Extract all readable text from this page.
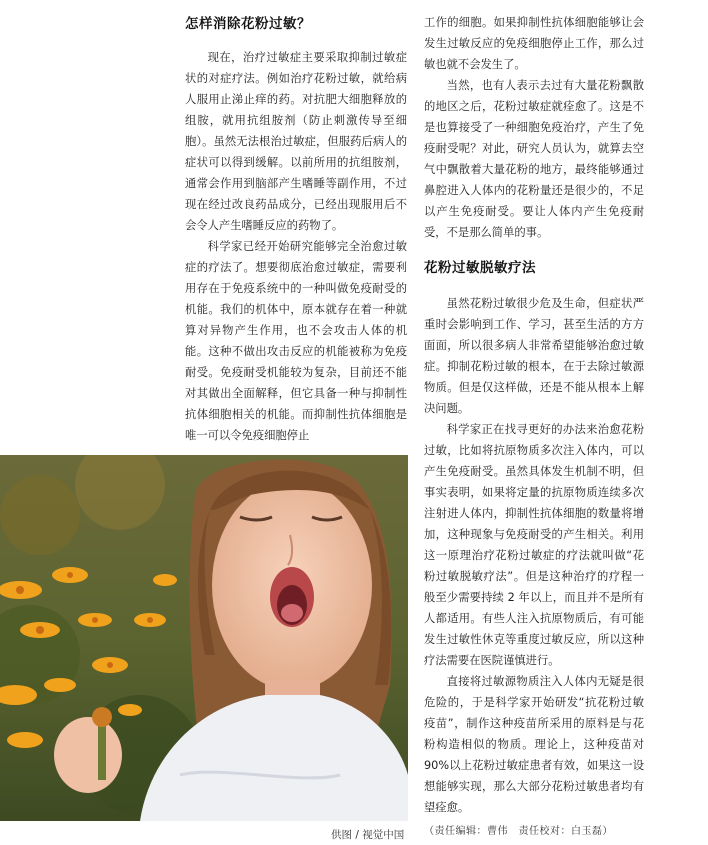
怎样消除花粉过敏？

现在，治疗过敏症主要采取抑制过敏症状的对症疗法。例如治疗花粉过敏，就给病人服用止涕止痒的药。对抗肥大细胞释放的组胺，就用抗组胺剂（防止刺激传导至细胞）。虽然无法根治过敏症，但服药后病人的症状可以得到缓解。以前所用的抗组胺剂，通常会作用到脑部产生嗜睡等副作用，不过现在经过改良药品成分，已经出现服用后不会令人产生嗜睡反应的药物了。

科学家已经开始研究能够完全治愈过敏症的疗法了。想要彻底治愈过敏症，需要利用存在于免疫系统中的一种叫做免疫耐受的机能。我们的机体中，原本就存在着一种就算对异物产生作用，也不会攻击人体的机能。这种不做出攻击反应的机能被称为免疫耐受。免疫耐受机能较为复杂，目前还不能对其做出全面解释，但它具备一种与抑制性抗体细胞相关的机能。而抑制性抗体细胞是唯一可以令免疫细胞停止

工作的细胞。如果抑制性抗体细胞能够让会发生过敏反应的免疫细胞停止工作，那么过敏也就不会发生了。

当然，也有人表示去过有大量花粉飘散的地区之后，花粉过敏症就痊愈了。这是不是也算接受了一种细胞免疫治疗，产生了免疫耐受呢？对此，研究人员认为，就算去空气中飘散着大量花粉的地方，最终能够通过鼻腔进入人体内的花粉量还是很少的，不足以产生免疫耐受。要让人体内产生免疫耐受，不是那么简单的事。

花粉过敏脱敏疗法

虽然花粉过敏很少危及生命，但症状严重时会影响到工作、学习，甚至生活的方方面面，所以很多病人非常希望能够治愈过敏症。抑制花粉过敏的根本，在于去除过敏源物质。但是仅这样做，还是不能从根本上解决问题。

科学家正在找寻更好的办法来治愈花粉过敏，比如将抗原物质多次注入体内，可以产生免疫耐受。虽然具体发生机制不明，但事实表明，如果将定量的抗原物质连续多次注射进人体内，抑制性抗体细胞的数量将增加，这种现象与免疫耐受的产生相关。利用这一原理治疗花粉过敏症的疗法就叫做“花粉过敏脱敏疗法”。但是这种治疗的疗程一般至少需要持续 2 年以上，而且并不是所有人都适用。有些人注入抗原物质后，有可能发生过敏性休克等重度过敏反应，所以这种疗法需要在医院谨慎进行。

直接将过敏源物质注入人体内无疑是很危险的，于是科学家开始研发“抗花粉过敏疫苗”，制作这种疫苗所采用的原料是与花粉构造相似的物质。理论上，这种疫苗对 90%以上花粉过敏症患者有效，如果这一设想能够实现，那么大部分花粉过敏患者均有望痊愈。

（责任编辑：曹伟　责任校对：白玉磊）
供图 / 视觉中国
